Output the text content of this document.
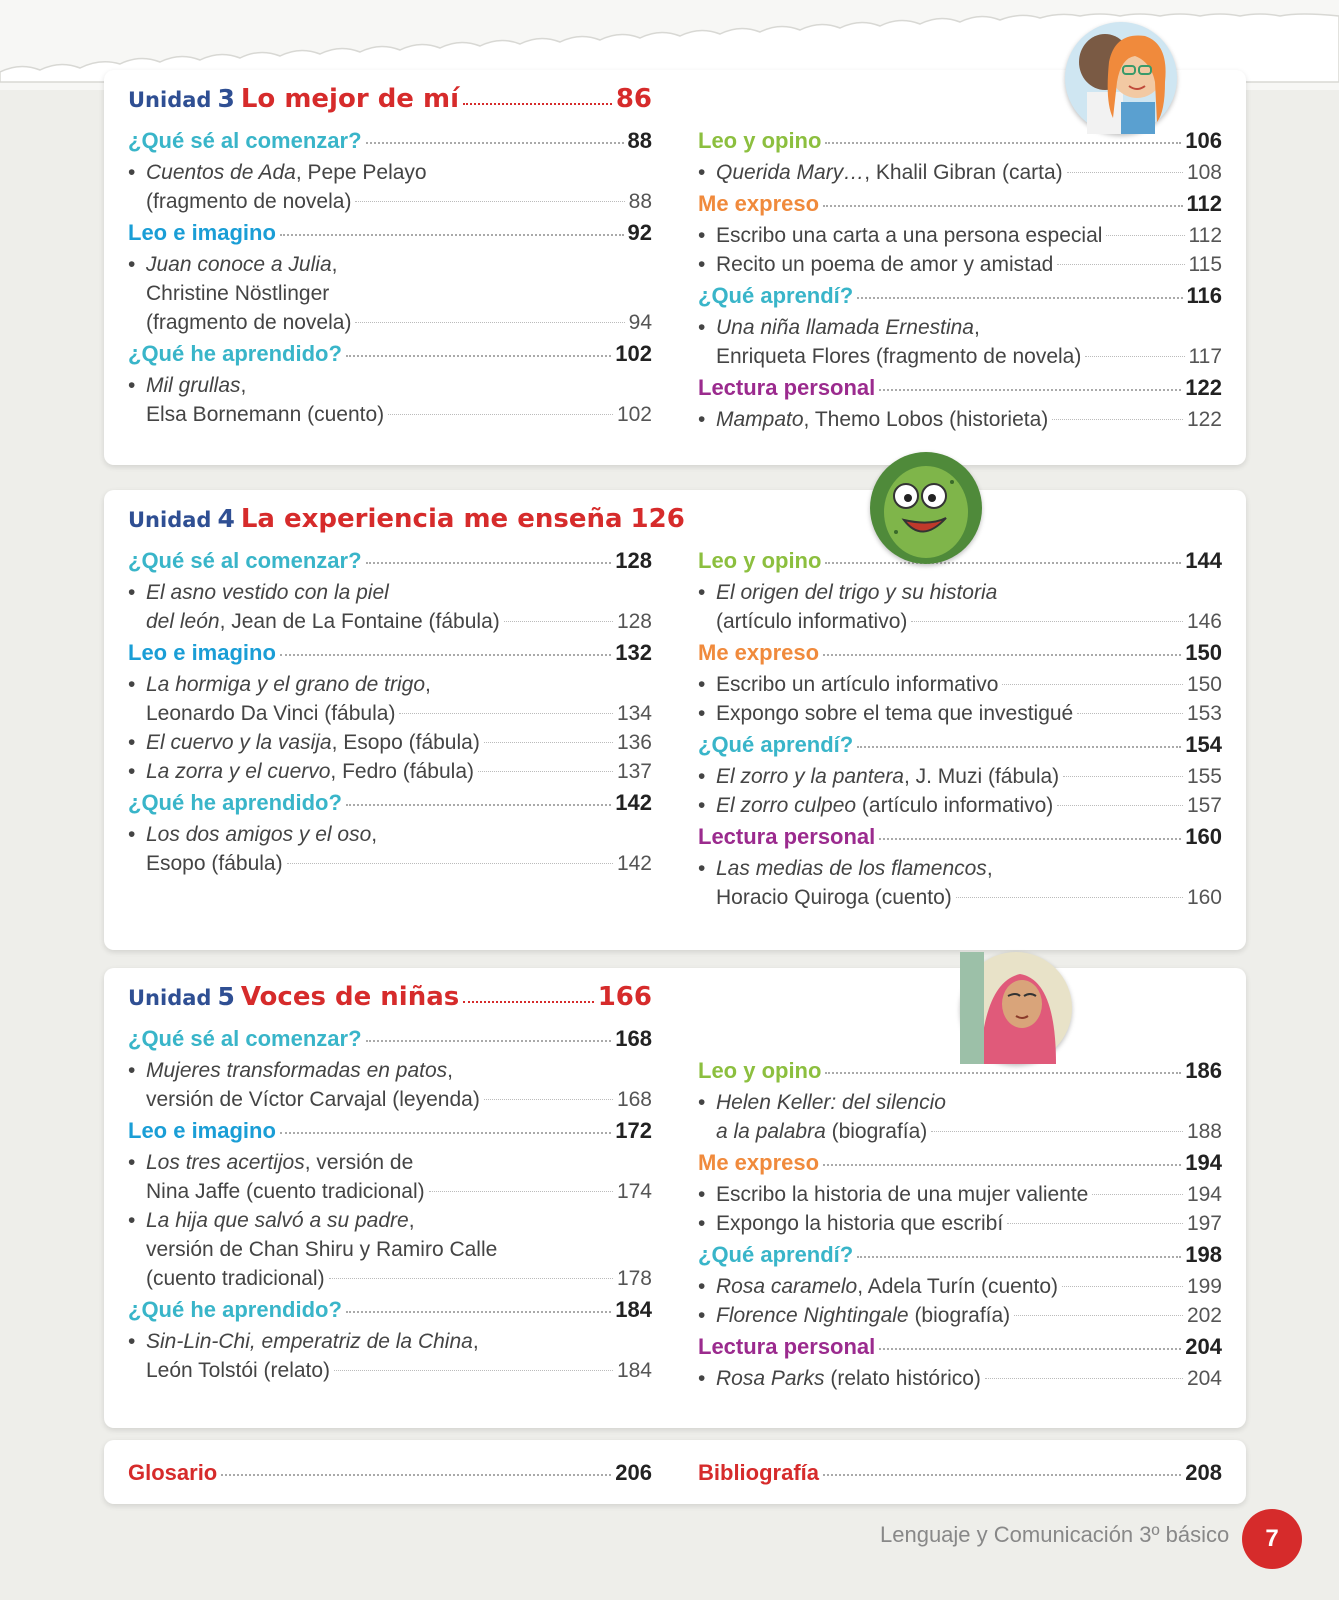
Unidad 3 Lo mejor de mí	86
¿Qué sé al comenzar?	88
• Cuentos de Ada, Pepe Pelayo
(fragmento de novela)	88
Leo e imagino	92
• Juan conoce a Julia,
Christine Nöstlinger
(fragmento de novela)	94
¿Qué he aprendido?	102
• Mil grullas,
Elsa Bornemann (cuento)	102
Leo y opino	106
• Querida Mary…, Khalil Gibran (carta)	108
Me expreso	112
• Escribo una carta a una persona especial	112
• Recito un poema de amor y amistad	115
¿Qué aprendí?	116
• Una niña llamada Ernestina,
Enriqueta Flores (fragmento de novela)	117
Lectura personal	122
• Mampato, Themo Lobos (historieta)	122
Unidad 4 La experiencia me enseña 126
¿Qué sé al comenzar?	128
• El asno vestido con la piel
del león, Jean de La Fontaine (fábula)	128
Leo e imagino	132
• La hormiga y el grano de trigo,
Leonardo Da Vinci (fábula)	134
• El cuervo y la vasija, Esopo (fábula)	136
• La zorra y el cuervo, Fedro (fábula)	137
¿Qué he aprendido?	142
• Los dos amigos y el oso,
Esopo (fábula)	142
Leo y opino	144
• El origen del trigo y su historia
(artículo informativo)	146
Me expreso	150
• Escribo un artículo informativo	150
• Expongo sobre el tema que investigué	153
¿Qué aprendí?	154
• El zorro y la pantera, J. Muzi (fábula)	155
• El zorro culpeo (artículo informativo)	157
Lectura personal	160
• Las medias de los flamencos,
Horacio Quiroga (cuento)	160
Unidad 5 Voces de niñas	166
¿Qué sé al comenzar?	168
• Mujeres transformadas en patos,
versión de Víctor Carvajal (leyenda)	168
Leo e imagino	172
• Los tres acertijos, versión de
Nina Jaffe (cuento tradicional)	174
• La hija que salvó a su padre,
versión de Chan Shiru y Ramiro Calle
(cuento tradicional)	178
¿Qué he aprendido?	184
• Sin-Lin-Chi, emperatriz de la China,
León Tolstói (relato)	184
Leo y opino	186
• Helen Keller: del silencio
a la palabra (biografía)	188
Me expreso	194
• Escribo la historia de una mujer valiente	194
• Expongo la historia que escribí	197
¿Qué aprendí?	198
• Rosa caramelo, Adela Turín (cuento)	199
• Florence Nightingale (biografía)	202
Lectura personal	204
• Rosa Parks (relato histórico)	204
Glosario	206 Bibliografía	208
Lenguaje y Comunicación 3º básico	7
